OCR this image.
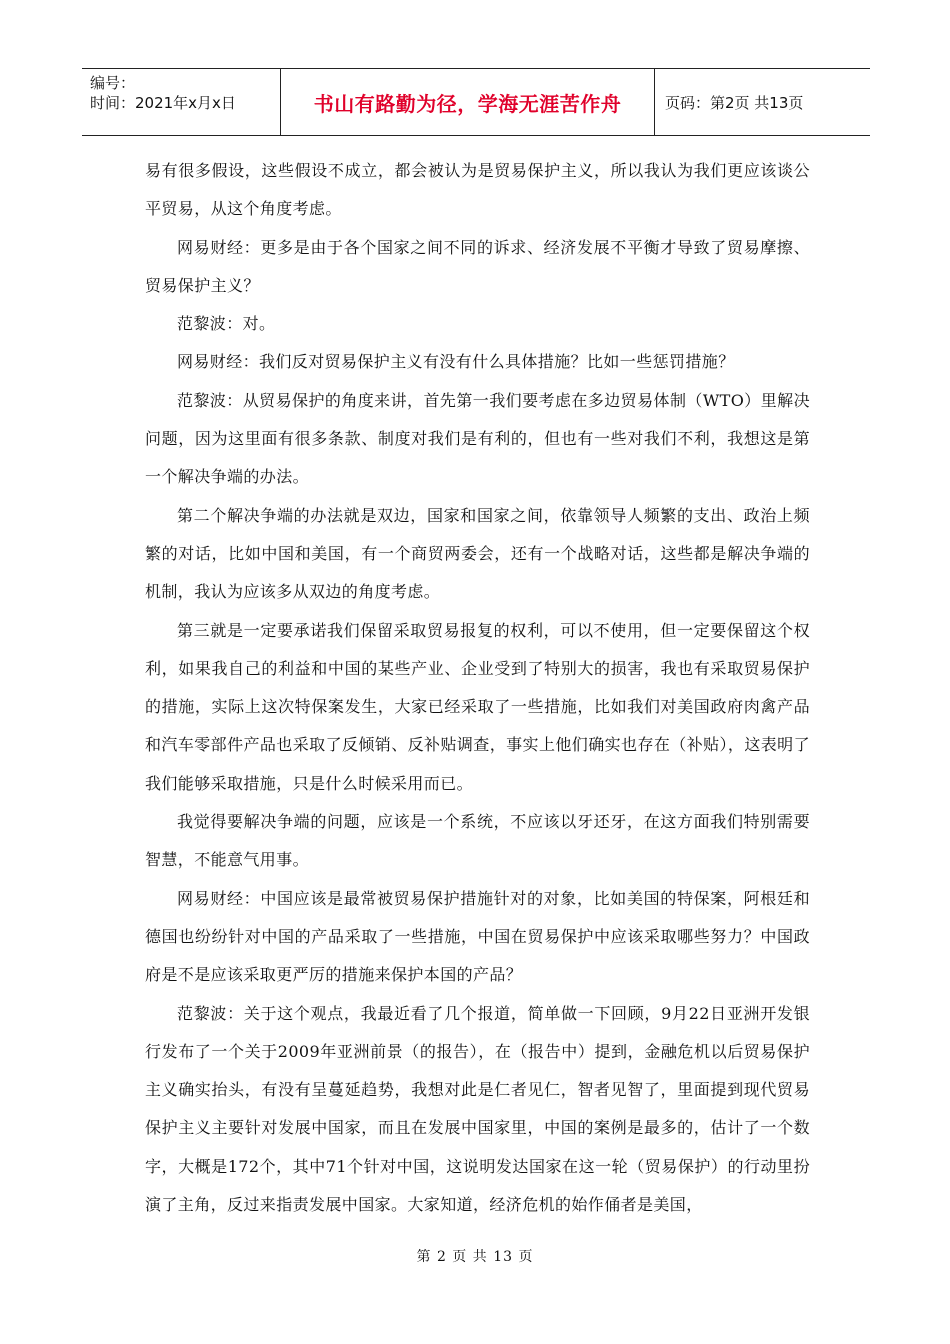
编号：
时间：2021年x月x日	书山有路勤为径，学海无涯苦作舟	页码：第2页 共13页

易有很多假设，这些假设不成立，都会被认为是贸易保护主义，所以我认为我们更应该谈公平贸易，从这个角度考虑。

网易财经：更多是由于各个国家之间不同的诉求、经济发展不平衡才导致了贸易摩擦、贸易保护主义？

范黎波：对。

网易财经：我们反对贸易保护主义有没有什么具体措施？比如一些惩罚措施？

范黎波：从贸易保护的角度来讲，首先第一我们要考虑在多边贸易体制（WTO）里解决问题，因为这里面有很多条款、制度对我们是有利的，但也有一些对我们不利，我想这是第一个解决争端的办法。

第二个解决争端的办法就是双边，国家和国家之间，依靠领导人频繁的支出、政治上频繁的对话，比如中国和美国，有一个商贸两委会，还有一个战略对话，这些都是解决争端的机制，我认为应该多从双边的角度考虑。

第三就是一定要承诺我们保留采取贸易报复的权利，可以不使用，但一定要保留这个权利，如果我自己的利益和中国的某些产业、企业受到了特别大的损害，我也有采取贸易保护的措施，实际上这次特保案发生，大家已经采取了一些措施，比如我们对美国政府肉禽产品和汽车零部件产品也采取了反倾销、反补贴调查，事实上他们确实也存在（补贴），这表明了我们能够采取措施，只是什么时候采用而已。

我觉得要解决争端的问题，应该是一个系统，不应该以牙还牙，在这方面我们特别需要智慧，不能意气用事。

网易财经：中国应该是最常被贸易保护措施针对的对象，比如美国的特保案，阿根廷和德国也纷纷针对中国的产品采取了一些措施，中国在贸易保护中应该采取哪些努力？中国政府是不是应该采取更严厉的措施来保护本国的产品？

范黎波：关于这个观点，我最近看了几个报道，简单做一下回顾，9月22日亚洲开发银行发布了一个关于2009年亚洲前景（的报告），在（报告中）提到，金融危机以后贸易保护主义确实抬头，有没有呈蔓延趋势，我想对此是仁者见仁，智者见智了，里面提到现代贸易保护主义主要针对发展中国家，而且在发展中国家里，中国的案例是最多的，估计了一个数字，大概是172个，其中71个针对中国，这说明发达国家在这一轮（贸易保护）的行动里扮演了主角，反过来指责发展中国家。大家知道，经济危机的始作俑者是美国，

第 2 页 共 13 页
